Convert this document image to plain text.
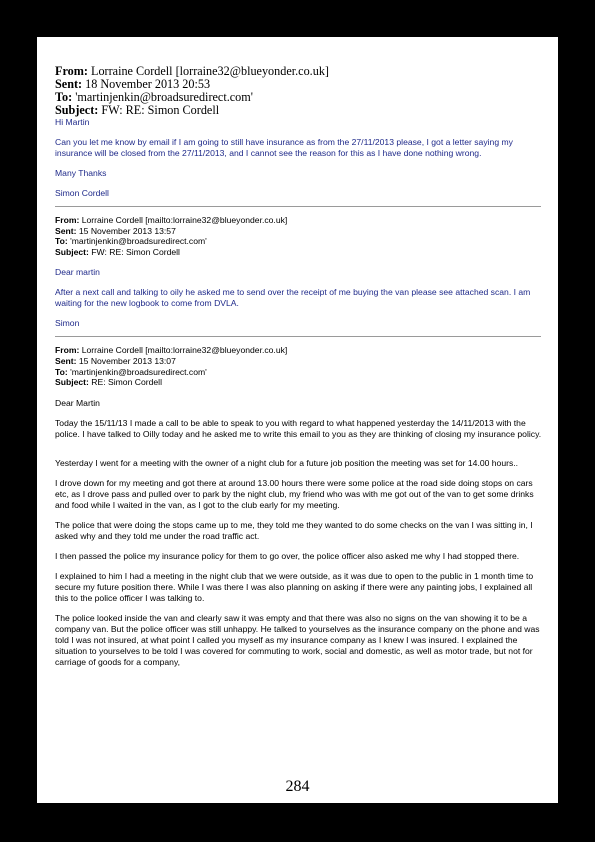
From: Lorraine Cordell [lorraine32@blueyonder.co.uk]
Sent: 18 November 2013 20:53
To: 'martinjenkin@broadsuredirect.com'
Subject: FW: RE: Simon Cordell

Hi Martin

Can you let me know by email if I am going to still have insurance as from the 27/11/2013 please, I got a letter saying my insurance will be closed from the 27/11/2013, and I cannot see the reason for this as I have done nothing wrong.

Many Thanks

Simon Cordell

From: Lorraine Cordell [mailto:lorraine32@blueyonder.co.uk]
Sent: 15 November 2013 13:57
To: 'martinjenkin@broadsuredirect.com'
Subject: FW: RE: Simon Cordell

Dear martin

After a next call and talking to oily he asked me to send over the receipt of me buying the van please see attached scan. I am waiting for the new logbook to come from DVLA.

Simon

From: Lorraine Cordell [mailto:lorraine32@blueyonder.co.uk]
Sent: 15 November 2013 13:07
To: 'martinjenkin@broadsuredirect.com'
Subject: RE: Simon Cordell

Dear Martin

Today the 15/11/13 I made a call to be able to speak to you with regard to what happened yesterday the 14/11/2013 with the police. I have talked to Oilly today and he asked me to write this email to you as they are thinking of closing my insurance policy.

Yesterday I went for a meeting with the owner of a night club for a future job position the meeting was set for 14.00 hours..

I drove down for my meeting and got there at around 13.00 hours there were some police at the road side doing stops on cars etc, as I drove pass and pulled over to park by the night club, my friend who was with me got out of the van to get some drinks and food while I waited in the van, as I got to the club early for my meeting.

The police that were doing the stops came up to me, they told me they wanted to do some checks on the van I was sitting in, I asked why and they told me under the road traffic act.

I then passed the police my insurance policy for them to go over, the police officer also asked me why I had stopped there.

I explained to him I had a meeting in the night club that we were outside, as it was due to open to the public in 1 month time to secure my future position there. While I was there I was also planning on asking if there were any painting jobs, I explained all this to the police officer I was talking to.

The police looked inside the van and clearly saw it was empty and that there was also no signs on the van showing it to be a company van. But the police officer was still unhappy. He talked to yourselves as the insurance company on the phone and was told I was not insured, at what point I called you myself as my insurance company as I knew I was insured. I explained the situation to yourselves to be told I was covered for commuting to work, social and domestic, as well as motor trade, but not for carriage of goods for a company,

284
